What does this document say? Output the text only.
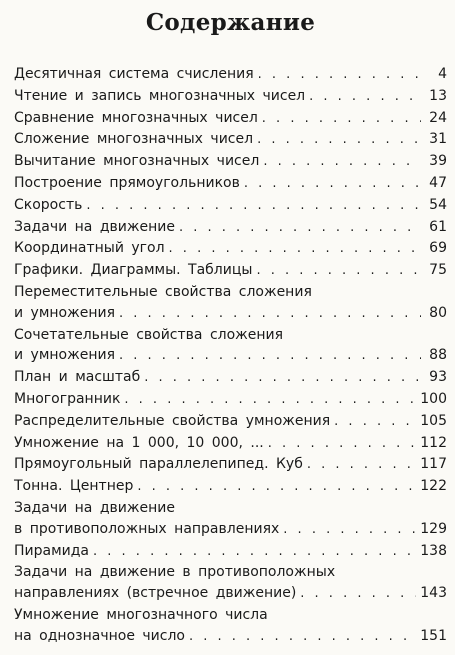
Содержание
Десятичная система счисления . . .	4
Чтение и запись многозначных чисел . . .	13
Сравнение многозначных чисел . . .	24
Сложение многозначных чисел . . .	31
Вычитание многозначных чисел . . .	39
Построение прямоугольников . . .	47
Скорость . . .	54
Задачи на движение . . .	61
Координатный угол . . .	69
Графики. Диаграммы. Таблицы . . .	75
Переместительные свойства сложения
и умножения . . .	80
Сочетательные свойства сложения
и умножения . . .	88
План и масштаб . . .	93
Многогранник . . .	100
Распределительные свойства умножения . . .	105
Умножение на 1 000, 10 000, ... . . .	112
Прямоугольный параллелепипед. Куб . . .	117
Тонна. Центнер . . .	122
Задачи на движение
в противоположных направлениях . . .	129
Пирамида . . .	138
Задачи на движение в противоположных
направлениях (встречное движение) . . .	143
Умножение многозначного числа
на однозначное число . . .	151
